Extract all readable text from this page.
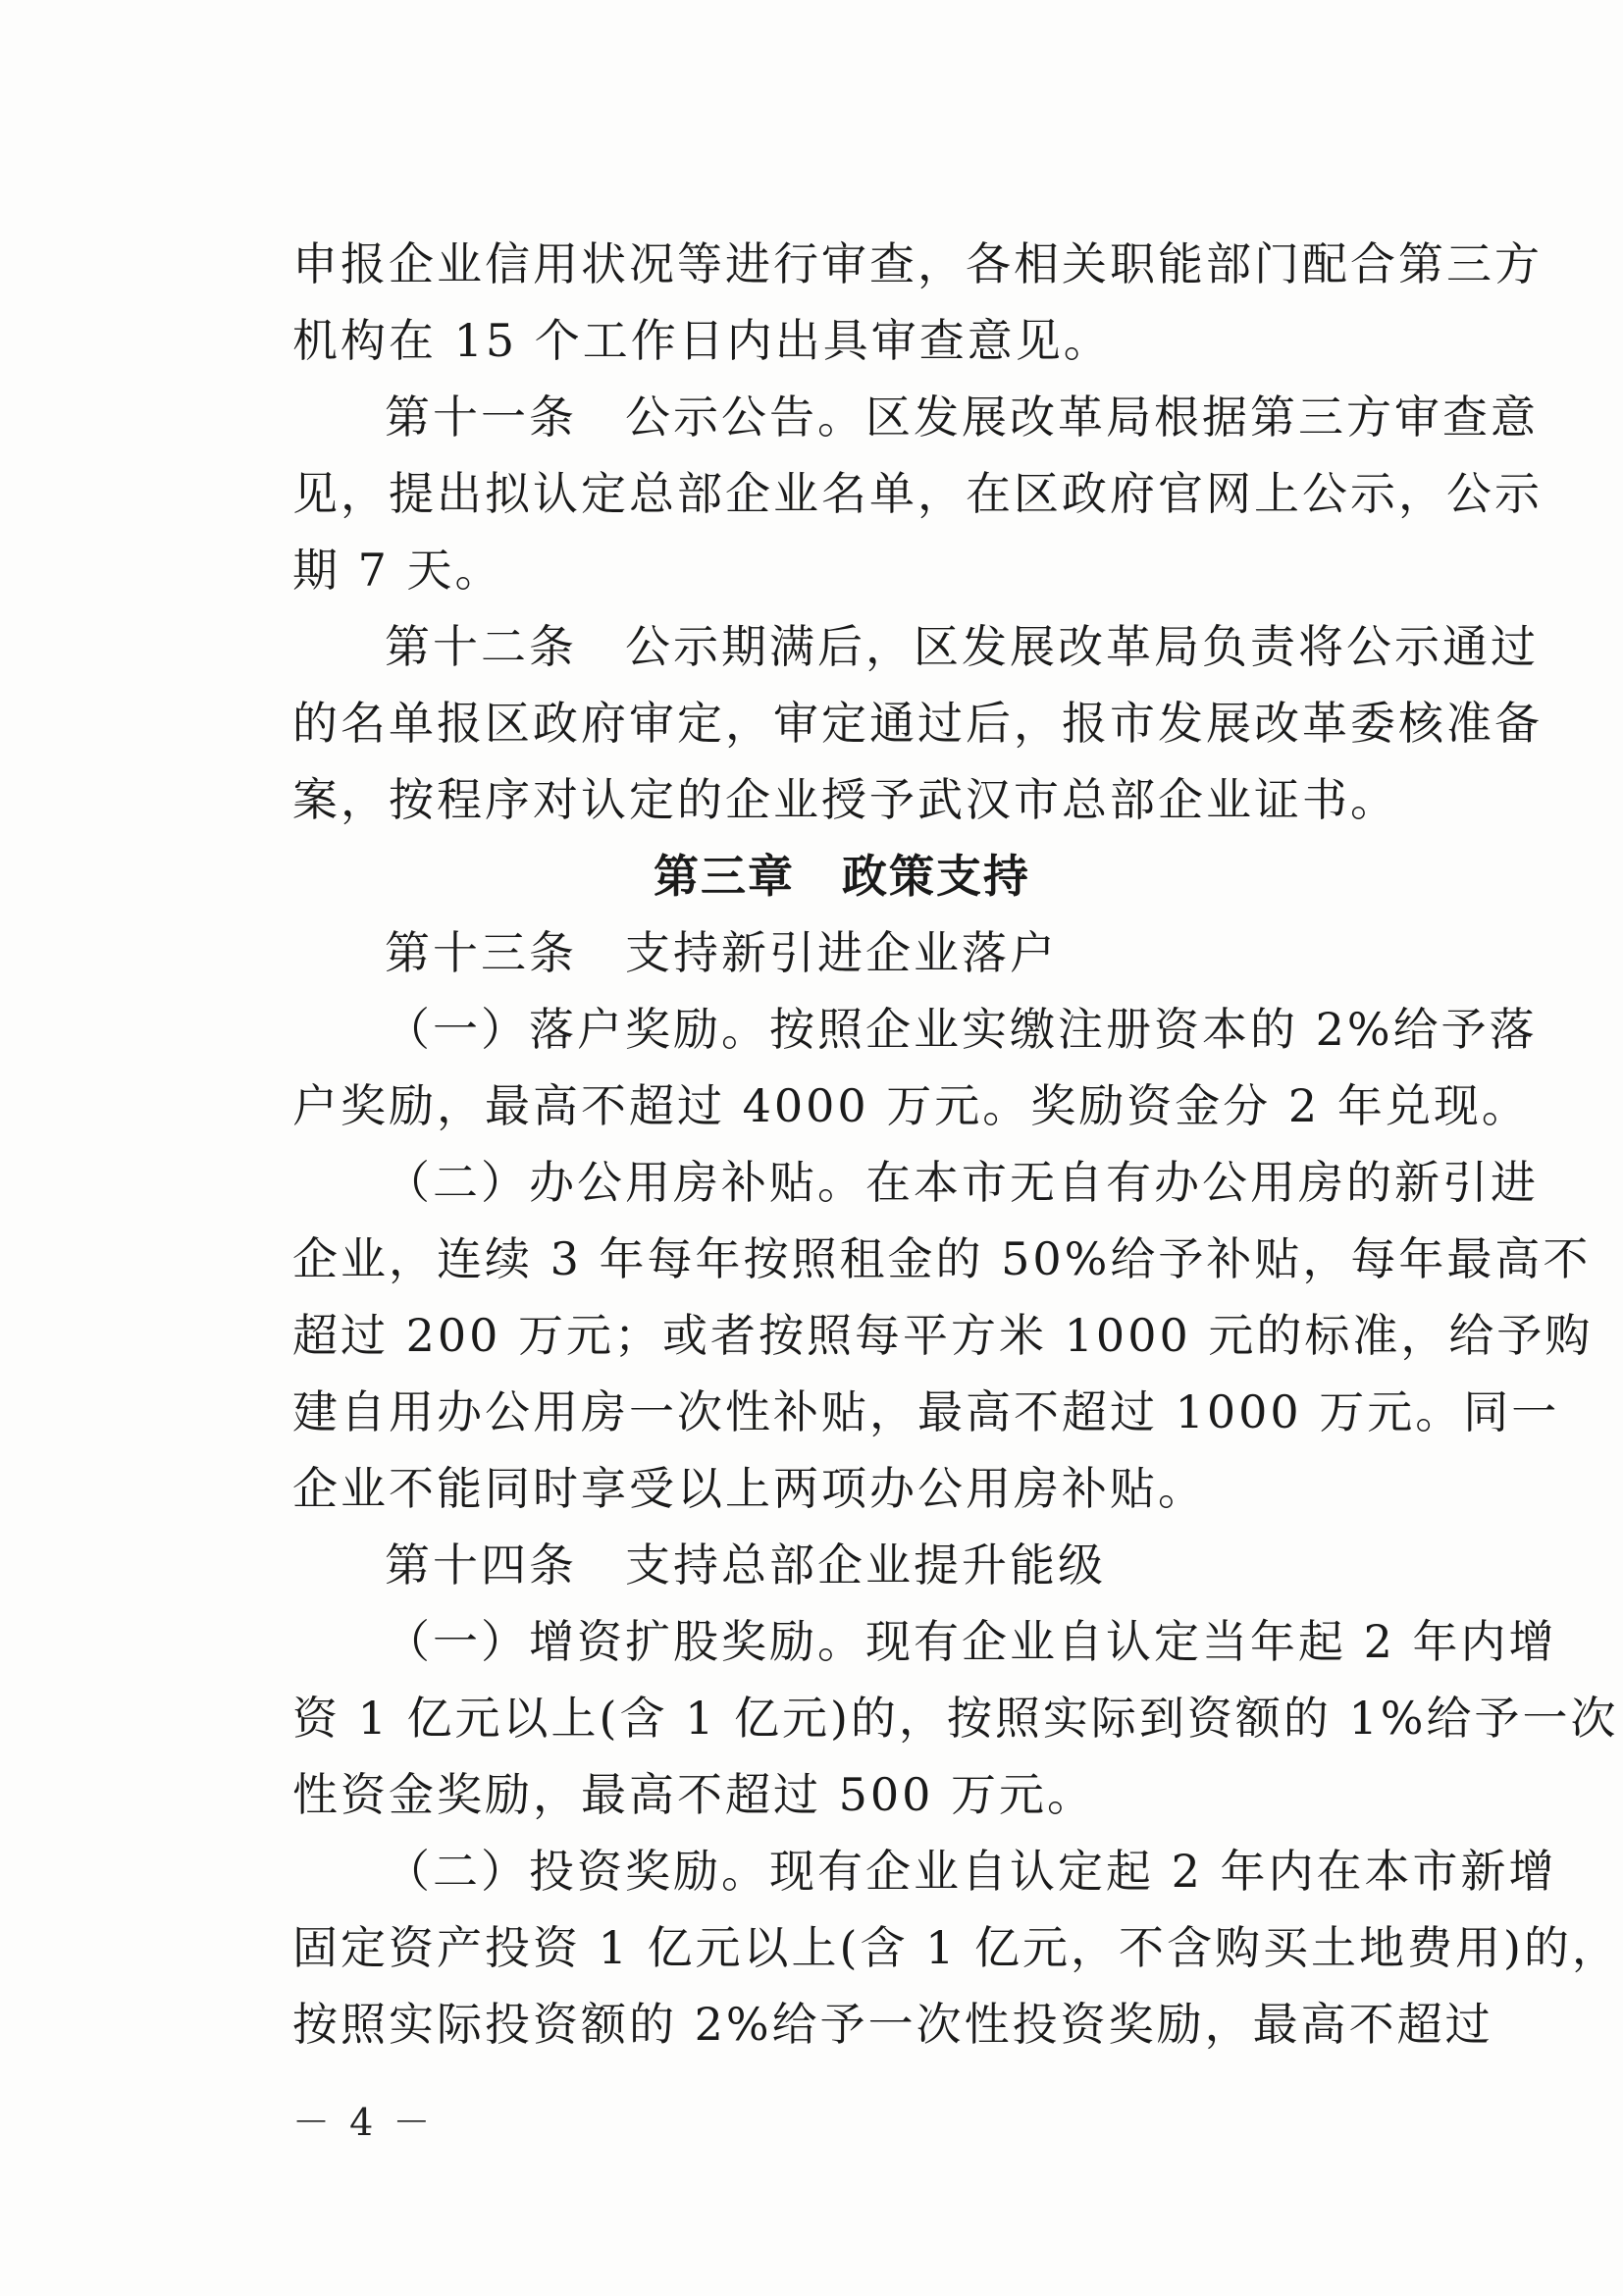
申报企业信用状况等进行审查，各相关职能部门配合第三方
机构在 15 个工作日内出具审查意见。
第十一条　公示公告。区发展改革局根据第三方审查意
见，提出拟认定总部企业名单，在区政府官网上公示，公示
期 7 天。
第十二条　公示期满后，区发展改革局负责将公示通过
的名单报区政府审定，审定通过后，报市发展改革委核准备
案，按程序对认定的企业授予武汉市总部企业证书。
第三章　政策支持
第十三条　支持新引进企业落户
（一）落户奖励。按照企业实缴注册资本的 2%给予落
户奖励，最高不超过 4000 万元。奖励资金分 2 年兑现。
（二）办公用房补贴。在本市无自有办公用房的新引进
企业，连续 3 年每年按照租金的 50%给予补贴，每年最高不
超过 200 万元；或者按照每平方米 1000 元的标准，给予购
建自用办公用房一次性补贴，最高不超过 1000 万元。同一
企业不能同时享受以上两项办公用房补贴。
第十四条　支持总部企业提升能级
（一）增资扩股奖励。现有企业自认定当年起 2 年内增
资 1 亿元以上(含 1 亿元)的，按照实际到资额的 1%给予一次
性资金奖励，最高不超过 500 万元。
（二）投资奖励。现有企业自认定起 2 年内在本市新增
固定资产投资 1 亿元以上(含 1 亿元，不含购买土地费用)的，
按照实际投资额的 2%给予一次性投资奖励，最高不超过
－ 4 －
